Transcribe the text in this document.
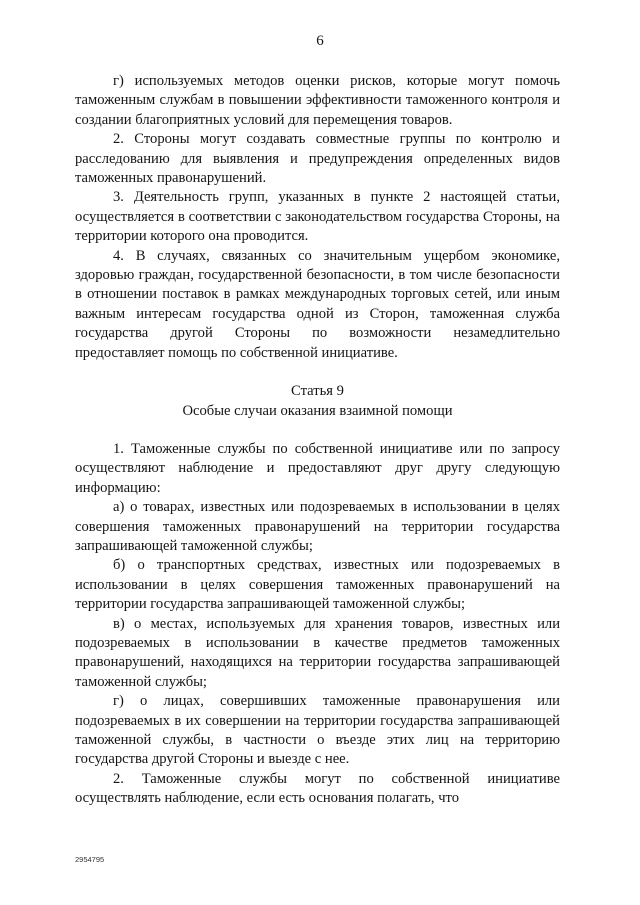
6

г) используемых методов оценки рисков, которые могут помочь таможенным службам в повышении эффективности таможенного контроля и создании благоприятных условий для перемещения товаров.

2. Стороны могут создавать совместные группы по контролю и расследованию для выявления и предупреждения определенных видов таможенных правонарушений.

3. Деятельность групп, указанных в пункте 2 настоящей статьи, осуществляется в соответствии с законодательством государства Стороны, на территории которого она проводится.

4. В случаях, связанных со значительным ущербом экономике, здоровью граждан, государственной безопасности, в том числе безопасности в отношении поставок в рамках международных торговых сетей, или иным важным интересам государства одной из Сторон, таможенная служба государства другой Стороны по возможности незамедлительно предоставляет помощь по собственной инициативе.

Статья 9
Особые случаи оказания взаимной помощи

1. Таможенные службы по собственной инициативе или по запросу осуществляют наблюдение и предоставляют друг другу следующую информацию:

а) о товарах, известных или подозреваемых в использовании в целях совершения таможенных правонарушений на территории государства запрашивающей таможенной службы;

б) о транспортных средствах, известных или подозреваемых в использовании в целях совершения таможенных правонарушений на территории государства запрашивающей таможенной службы;

в) о местах, используемых для хранения товаров, известных или подозреваемых в использовании в качестве предметов таможенных правонарушений, находящихся на территории государства запрашивающей таможенной службы;

г) о лицах, совершивших таможенные правонарушения или подозреваемых в их совершении на территории государства запрашивающей таможенной службы, в частности о въезде этих лиц на территорию государства другой Стороны и выезде с нее.

2. Таможенные службы могут по собственной инициативе осуществлять наблюдение, если есть основания полагать, что

2954795
